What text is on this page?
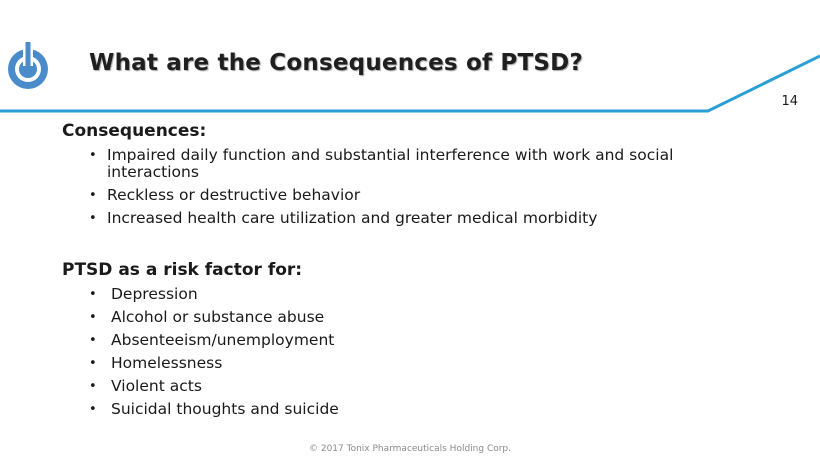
What are the Consequences of PTSD?
14
Consequences:
• Impaired daily function and substantial interference with work and social interactions
• Reckless or destructive behavior
• Increased health care utilization and greater medical morbidity
PTSD as a risk factor for:
• Depression
• Alcohol or substance abuse
• Absenteeism/unemployment
• Homelessness
• Violent acts
• Suicidal thoughts and suicide
© 2017 Tonix Pharmaceuticals Holding Corp.
